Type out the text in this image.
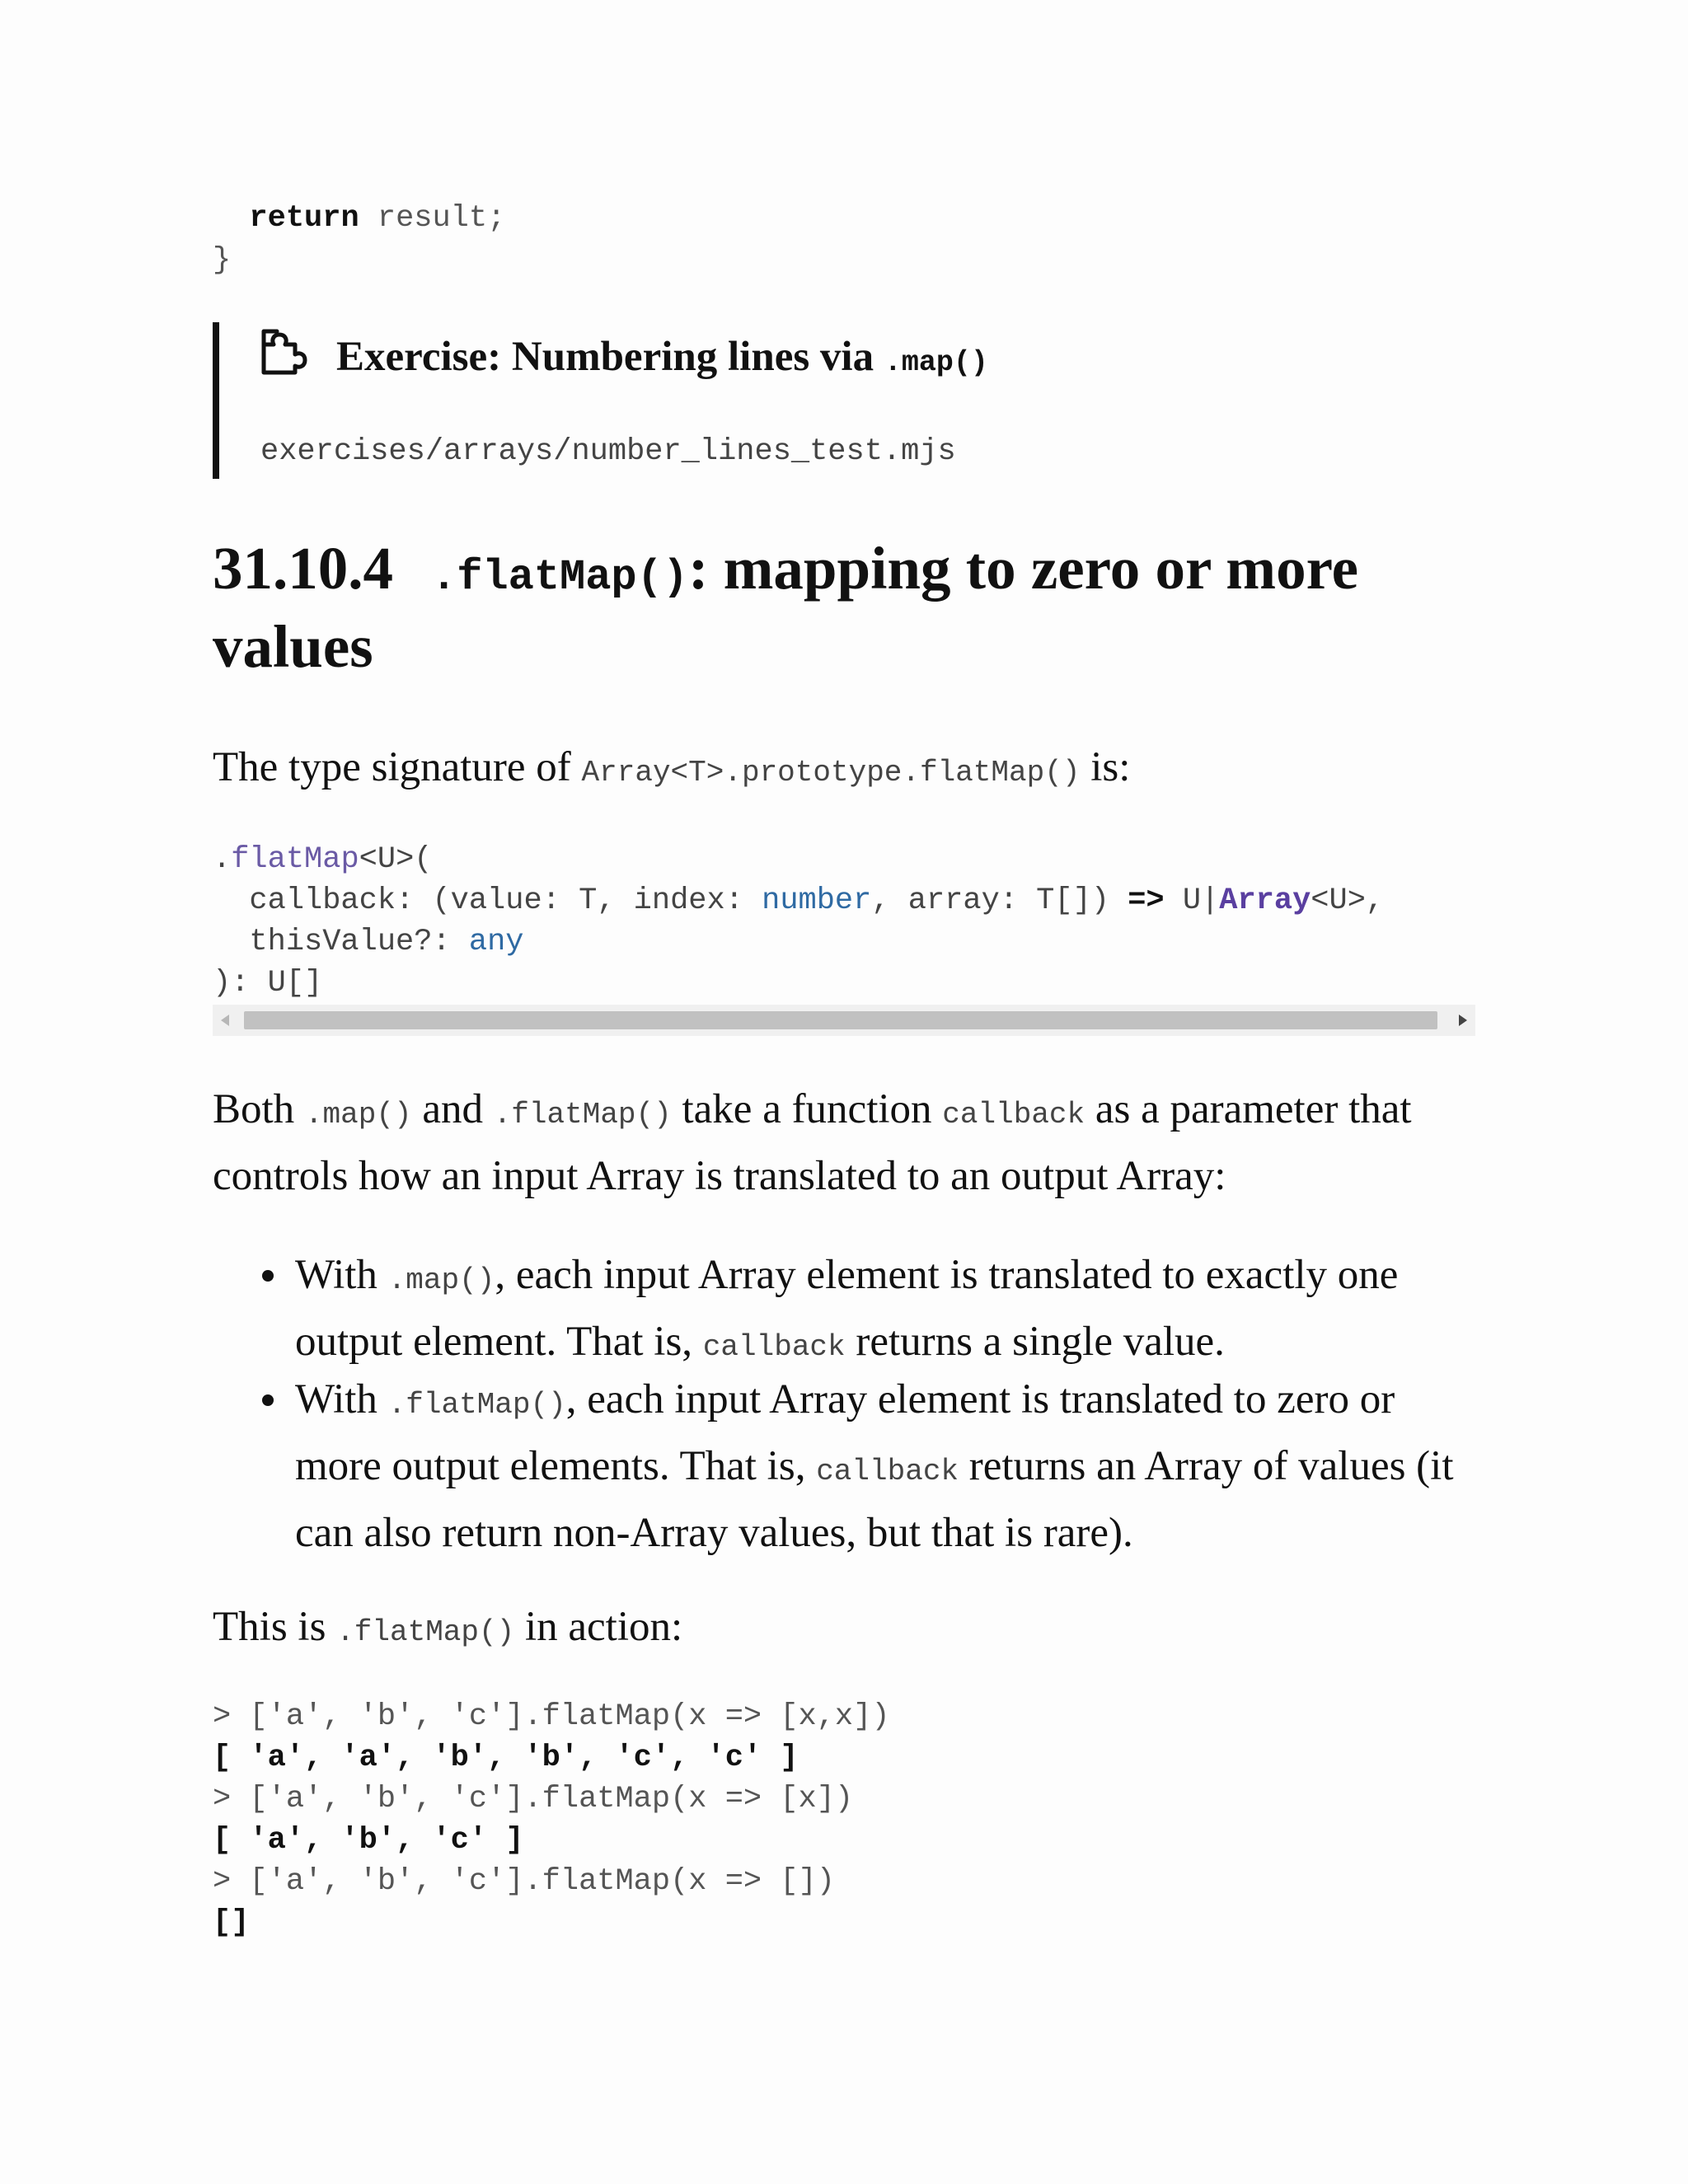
return result;
}
Exercise: Numbering lines via .map()
exercises/arrays/number_lines_test.mjs
31.10.4 .flatMap(): mapping to zero or more values
The type signature of Array<T>.prototype.flatMap() is:
.flatMap<U>(
callback: (value: T, index: number, array: T[]) => U|Array<U>,
thisValue?: any
): U[]
Both .map() and .flatMap() take a function callback as a parameter that controls how an input Array is translated to an output Array:
With .map(), each input Array element is translated to exactly one output element. That is, callback returns a single value.
With .flatMap(), each input Array element is translated to zero or more output elements. That is, callback returns an Array of values (it can also return non-Array values, but that is rare).
This is .flatMap() in action:
> ['a', 'b', 'c'].flatMap(x => [x,x])
[ 'a', 'a', 'b', 'b', 'c', 'c' ]
> ['a', 'b', 'c'].flatMap(x => [x])
[ 'a', 'b', 'c' ]
> ['a', 'b', 'c'].flatMap(x => [])
[]
